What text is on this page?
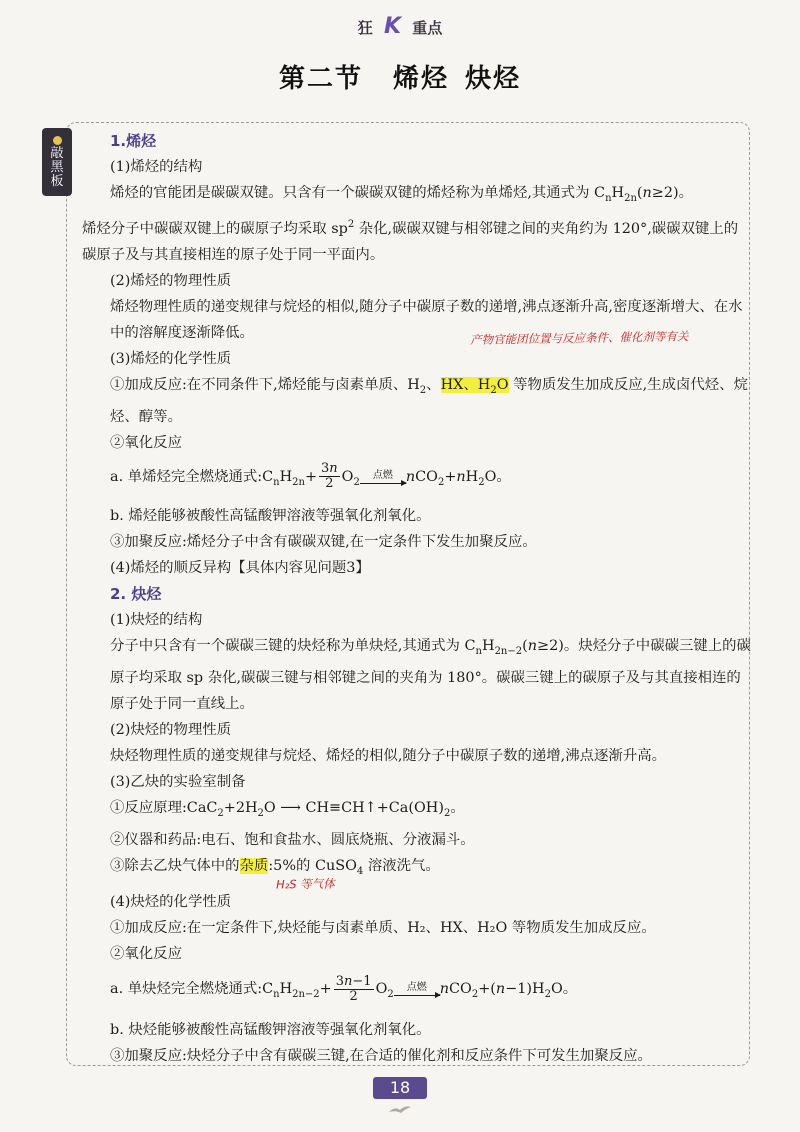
狂 K 重点
第二节 烯烃 炔烃
敲
黑
板
产物官能团位置与反应条件、催化剂等有关
H₂S 等气体

1.烯烃

(1)烯烃的结构

烯烃的官能团是碳碳双键。只含有一个碳碳双键的烯烃称为单烯烃,其通式为 $C_nH_{2n}(n\ge 2)$。

烯烃分子中碳碳双键上的碳原子均采取 $sp^2$ 杂化,碳碳双键与相邻键之间的夹角约为 120°,碳碳双键上的碳原子及与其直接相连的原子处于同一平面内。

(2)烯烃的物理性质

烯烃物理性质的递变规律与烷烃的相似,随分子中碳原子数的递增,沸点逐渐升高,密度逐渐增大、在水中的溶解度逐渐降低。

(3)烯烃的化学性质

①加成反应:在不同条件下,烯烃能与卤素单质、$H_2$、HX、$H_2O$ 等物质发生加成反应,生成卤代烃、烷烃、醇等。

②氧化反应

a. 单烯烃完全燃烧通式$:C_nH_{2n}+ \frac{3n}{2} O_2$
点燃 $nCO_2+nH_2O$。

b. 烯烃能够被酸性高锰酸钾溶液等强氧化剂氧化。

③加聚反应:烯烃分子中含有碳碳双键,在一定条件下发生加聚反应。

(4)烯烃的顺反异构【具体内容见问题3】

2. 炔烃

(1)炔烃的结构

分子中只含有一个碳碳三键的炔烃称为单炔烃,其通式为 $C_nH_{2n-2}(n\ge 2)$。炔烃分子中碳碳三键上的碳原子均采取 sp 杂化,碳碳三键与相邻键之间的夹角为 180°。碳碳三键上的碳原子及与其直接相连的原子处于同一直线上。

(2)炔烃的物理性质

炔烃物理性质的递变规律与烷烃、烯烃的相似,随分子中碳原子数的递增,沸点逐渐升高。

(3)乙炔的实验室制备

①反应原理$:CaC_2+2H_2O$ ⟶ $CH\equiv CH↑+Ca(OH)_2$。

②仪器和药品:电石、饱和食盐水、圆底烧瓶、分液漏斗。

③除去乙炔气体中的杂质:5%的 CuSO$_4$ 溶液洗气。

(4)炔烃的化学性质

①加成反应:在一定条件下,炔烃能与卤素单质、H₂、HX、H₂O 等物质发生加成反应。

②氧化反应

a. 单炔烃完全燃烧通式$:C_nH_{2n-2}+ \frac{3n-1}{2} O_2$
点燃 $nCO_2+(n-1)H_2O$。

b. 炔烃能够被酸性高锰酸钾溶液等强氧化剂氧化。

③加聚反应:炔烃分子中含有碳碳三键,在合适的催化剂和反应条件下可发生加聚反应。

18
